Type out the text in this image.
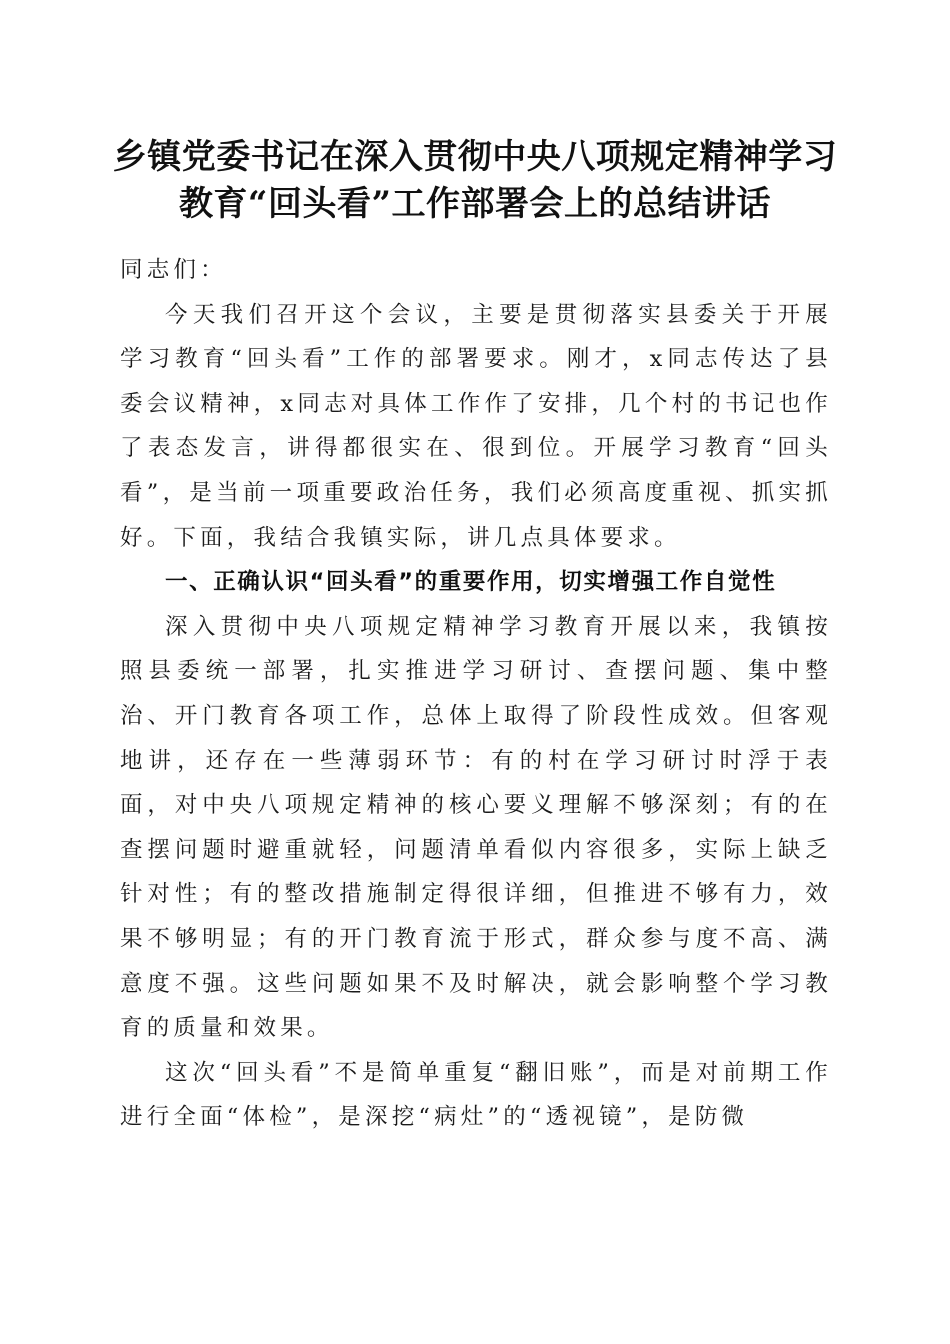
乡镇党委书记在深入贯彻中央八项规定精神学习教育“回头看”工作部署会上的总结讲话

同志们：

今天我们召开这个会议，主要是贯彻落实县委关于开展学习教育“回头看”工作的部署要求。刚才，x同志传达了县委会议精神，x同志对具体工作作了安排，几个村的书记也作了表态发言，讲得都很实在、很到位。开展学习教育“回头看”，是当前一项重要政治任务，我们必须高度重视、抓实抓好。下面，我结合我镇实际，讲几点具体要求。

一、正确认识“回头看”的重要作用，切实增强工作自觉性

深入贯彻中央八项规定精神学习教育开展以来，我镇按照县委统一部署，扎实推进学习研讨、查摆问题、集中整治、开门教育各项工作，总体上取得了阶段性成效。但客观地讲，还存在一些薄弱环节：有的村在学习研讨时浮于表面，对中央八项规定精神的核心要义理解不够深刻；有的在查摆问题时避重就轻，问题清单看似内容很多，实际上缺乏针对性；有的整改措施制定得很详细，但推进不够有力，效果不够明显；有的开门教育流于形式，群众参与度不高、满意度不强。这些问题如果不及时解决，就会影响整个学习教育的质量和效果。

这次“回头看”不是简单重复“翻旧账”，而是对前期工作进行全面“体检”，是深挖“病灶”的“透视镜”，是防微
